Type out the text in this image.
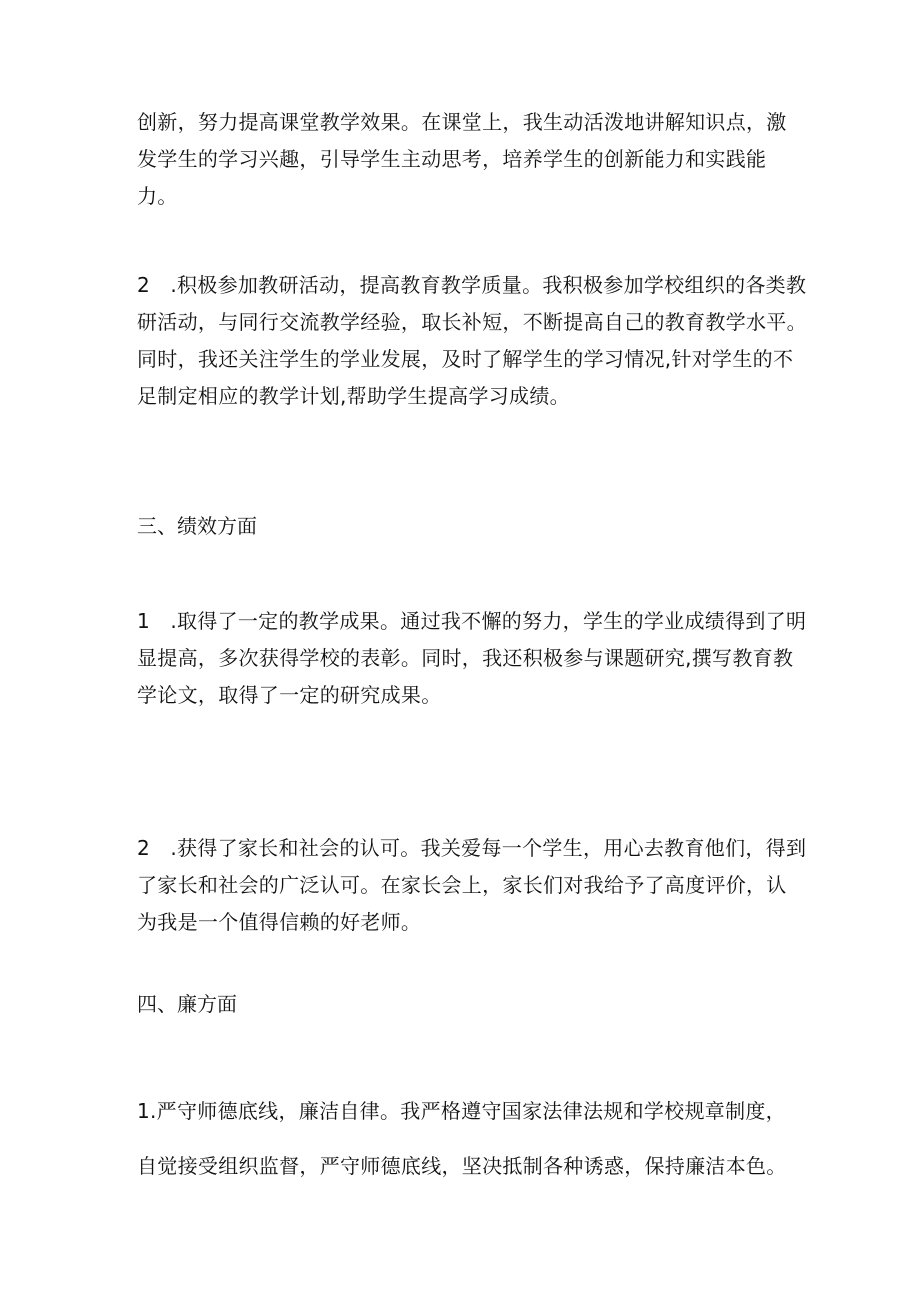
创新，努力提高课堂教学效果。在课堂上，我生动活泼地讲解知识点，激
发学生的学习兴趣，引导学生主动思考，培养学生的创新能力和实践能
力。
2　.积极参加教研活动，提高教育教学质量。我积极参加学校组织的各类教
研活动，与同行交流教学经验，取长补短，不断提高自己的教育教学水平。
同时，我还关注学生的学业发展，及时了解学生的学习情况,针对学生的不
足制定相应的教学计划,帮助学生提高学习成绩。
三、绩效方面
1　.取得了一定的教学成果。通过我不懈的努力，学生的学业成绩得到了明
显提高，多次获得学校的表彰。同时，我还积极参与课题研究,撰写教育教
学论文，取得了一定的研究成果。
2　.获得了家长和社会的认可。我关爱每一个学生，用心去教育他们，得到
了家长和社会的广泛认可。在家长会上，家长们对我给予了高度评价，认
为我是一个值得信赖的好老师。
四、廉方面
1.严守师德底线，廉洁自律。我严格遵守国家法律法规和学校规章制度，
自觉接受组织监督，严守师德底线，坚决抵制各种诱惑，保持廉洁本色。
